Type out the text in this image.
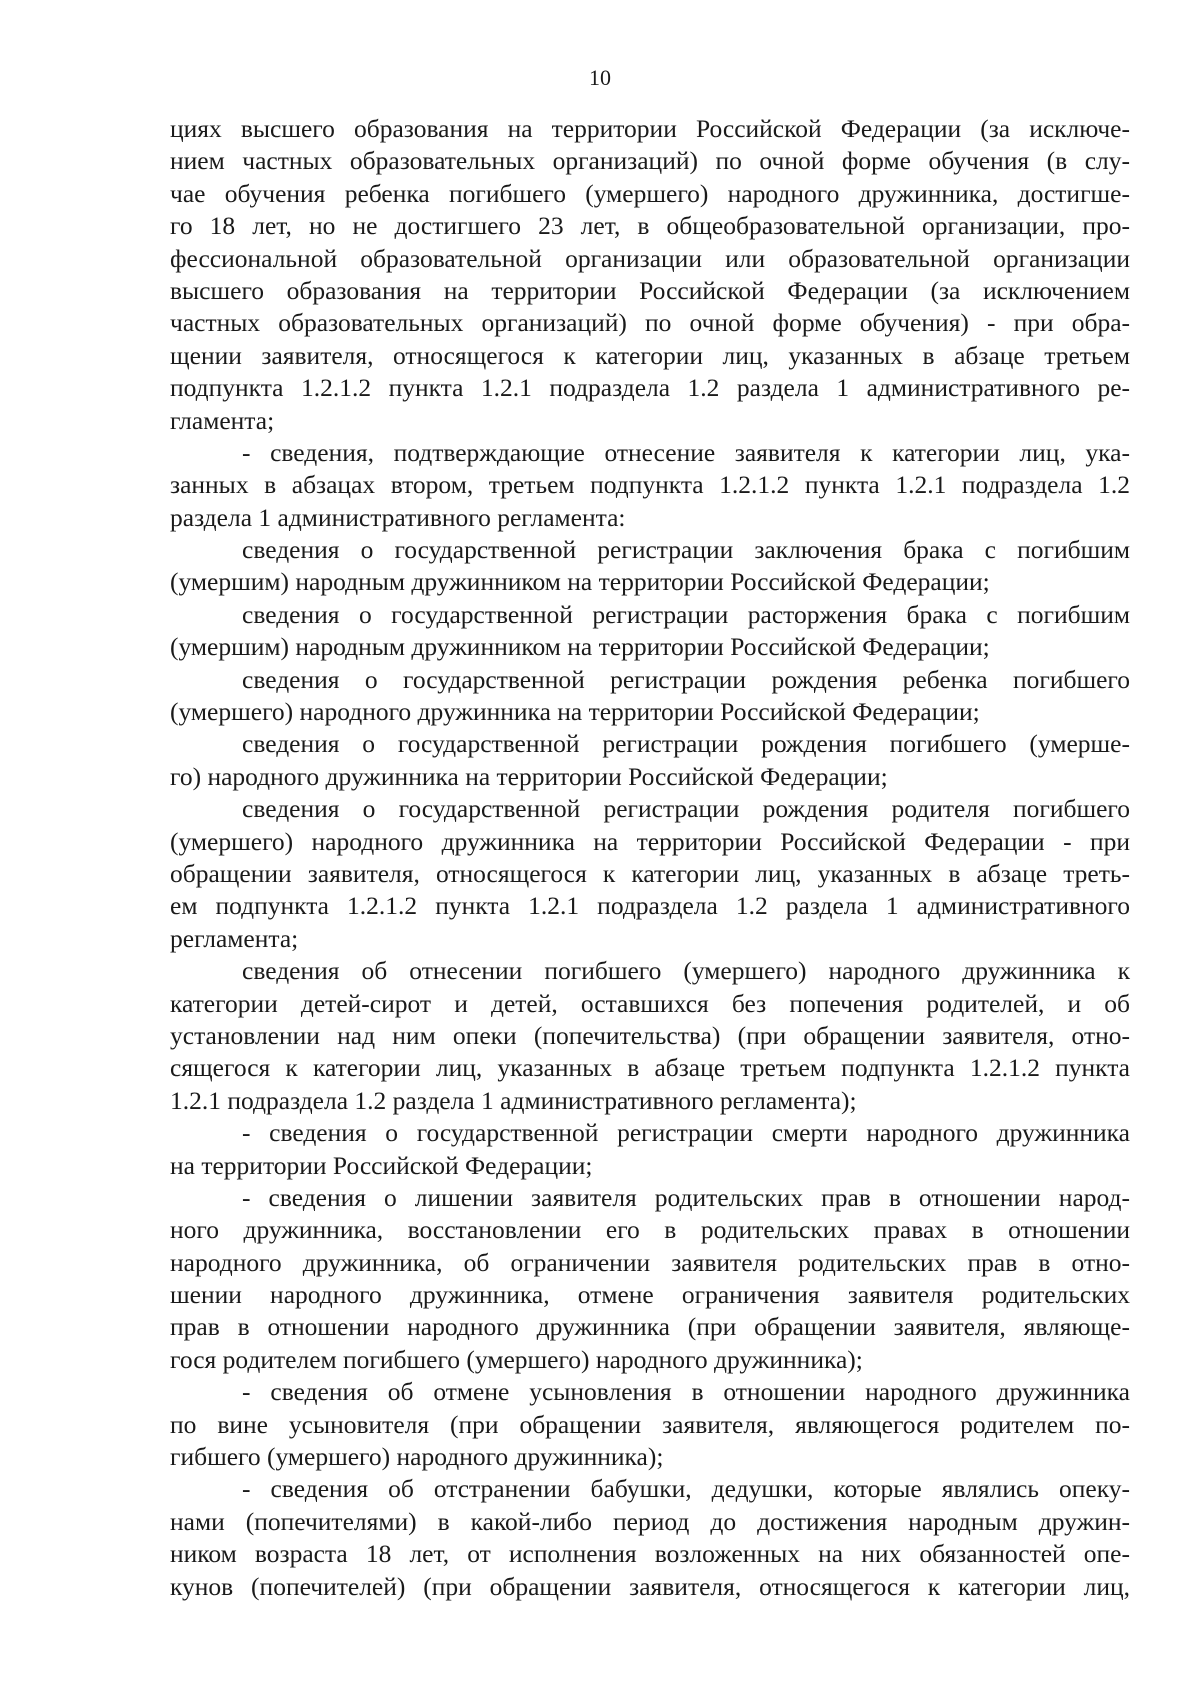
10
циях высшего образования на территории Российской Федерации (за исключе-
нием частных образовательных организаций) по очной форме обучения (в слу-
чае обучения ребенка погибшего (умершего) народного дружинника, достигше-
го 18 лет, но не достигшего 23 лет, в общеобразовательной организации, про-
фессиональной образовательной организации или образовательной организации
высшего образования на территории Российской Федерации (за исключением
частных образовательных организаций) по очной форме обучения) - при обра-
щении заявителя, относящегося к категории лиц, указанных в абзаце третьем
подпункта 1.2.1.2 пункта 1.2.1 подраздела 1.2 раздела 1 административного ре-
гламента;
- сведения, подтверждающие отнесение заявителя к категории лиц, ука-
занных в абзацах втором, третьем подпункта 1.2.1.2 пункта 1.2.1 подраздела 1.2
раздела 1 административного регламента:
сведения о государственной регистрации заключения брака с погибшим
(умершим) народным дружинником на территории Российской Федерации;
сведения о государственной регистрации расторжения брака с погибшим
(умершим) народным дружинником на территории Российской Федерации;
сведения о государственной регистрации рождения ребенка погибшего
(умершего) народного дружинника на территории Российской Федерации;
сведения о государственной регистрации рождения погибшего (умерше-
го) народного дружинника на территории Российской Федерации;
сведения о государственной регистрации рождения родителя погибшего
(умершего) народного дружинника на территории Российской Федерации - при
обращении заявителя, относящегося к категории лиц, указанных в абзаце треть-
ем подпункта 1.2.1.2 пункта 1.2.1 подраздела 1.2 раздела 1 административного
регламента;
сведения об отнесении погибшего (умершего) народного дружинника к
категории детей-сирот и детей, оставшихся без попечения родителей, и об
установлении над ним опеки (попечительства) (при обращении заявителя, отно-
сящегося к категории лиц, указанных в абзаце третьем подпункта 1.2.1.2 пункта
1.2.1 подраздела 1.2 раздела 1 административного регламента);
- сведения о государственной регистрации смерти народного дружинника
на территории Российской Федерации;
- сведения о лишении заявителя родительских прав в отношении народ-
ного дружинника, восстановлении его в родительских правах в отношении
народного дружинника, об ограничении заявителя родительских прав в отно-
шении народного дружинника, отмене ограничения заявителя родительских
прав в отношении народного дружинника (при обращении заявителя, являюще-
гося родителем погибшего (умершего) народного дружинника);
- сведения об отмене усыновления в отношении народного дружинника
по вине усыновителя (при обращении заявителя, являющегося родителем по-
гибшего (умершего) народного дружинника);
- сведения об отстранении бабушки, дедушки, которые являлись опеку-
нами (попечителями) в какой-либо период до достижения народным дружин-
ником возраста 18 лет, от исполнения возложенных на них обязанностей опе-
кунов (попечителей) (при обращении заявителя, относящегося к категории лиц,
